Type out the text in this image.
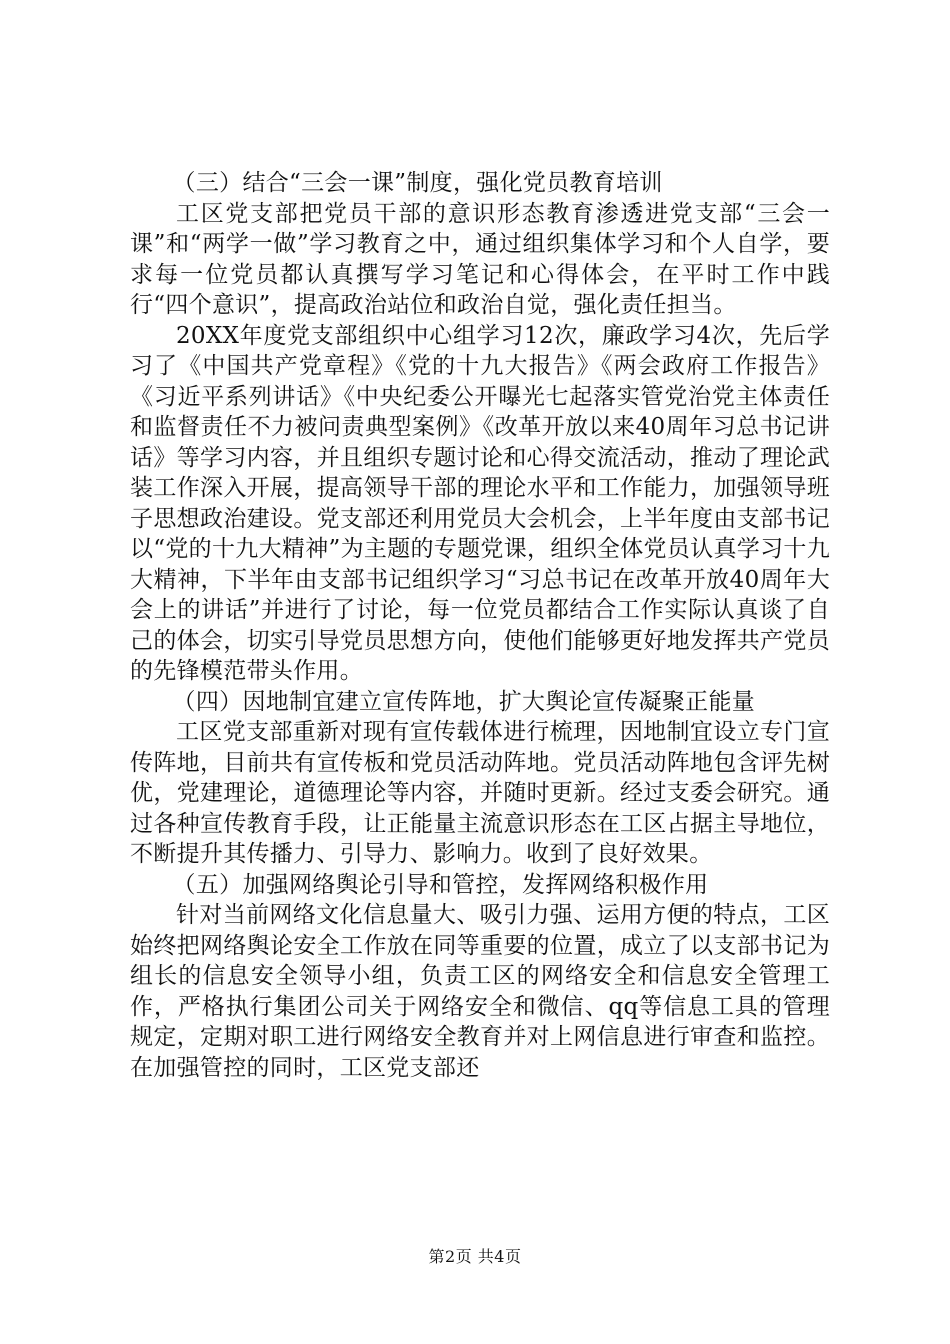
（三）结合“三会一课”制度，强化党员教育培训

工区党支部把党员干部的意识形态教育渗透进党支部“三会一课”和“两学一做”学习教育之中，通过组织集体学习和个人自学，要求每一位党员都认真撰写学习笔记和心得体会，在平时工作中践行“四个意识”，提高政治站位和政治自觉，强化责任担当。

20XX年度党支部组织中心组学习12次，廉政学习4次，先后学习了《中国共产党章程》《党的十九大报告》《两会政府工作报告》《习近平系列讲话》《中央纪委公开曝光七起落实管党治党主体责任和监督责任不力被问责典型案例》《改革开放以来40周年习总书记讲话》等学习内容，并且组织专题讨论和心得交流活动，推动了理论武装工作深入开展，提高领导干部的理论水平和工作能力，加强领导班子思想政治建设。党支部还利用党员大会机会，上半年度由支部书记以“党的十九大精神”为主题的专题党课，组织全体党员认真学习十九大精神，下半年由支部书记组织学习“习总书记在改革开放40周年大会上的讲话”并进行了讨论，每一位党员都结合工作实际认真谈了自己的体会，切实引导党员思想方向，使他们能够更好地发挥共产党员的先锋模范带头作用。

（四）因地制宜建立宣传阵地，扩大舆论宣传凝聚正能量

工区党支部重新对现有宣传载体进行梳理，因地制宜设立专门宣传阵地，目前共有宣传板和党员活动阵地。党员活动阵地包含评先树优，党建理论，道德理论等内容，并随时更新。经过支委会研究。通过各种宣传教育手段，让正能量主流意识形态在工区占据主导地位，不断提升其传播力、引导力、影响力。收到了良好效果。

（五）加强网络舆论引导和管控，发挥网络积极作用

针对当前网络文化信息量大、吸引力强、运用方便的特点，工区始终把网络舆论安全工作放在同等重要的位置，成立了以支部书记为组长的信息安全领导小组，负责工区的网络安全和信息安全管理工作，严格执行集团公司关于网络安全和微信、qq等信息工具的管理规定，定期对职工进行网络安全教育并对上网信息进行审查和监控。在加强管控的同时，工区党支部还

第2页 共4页
